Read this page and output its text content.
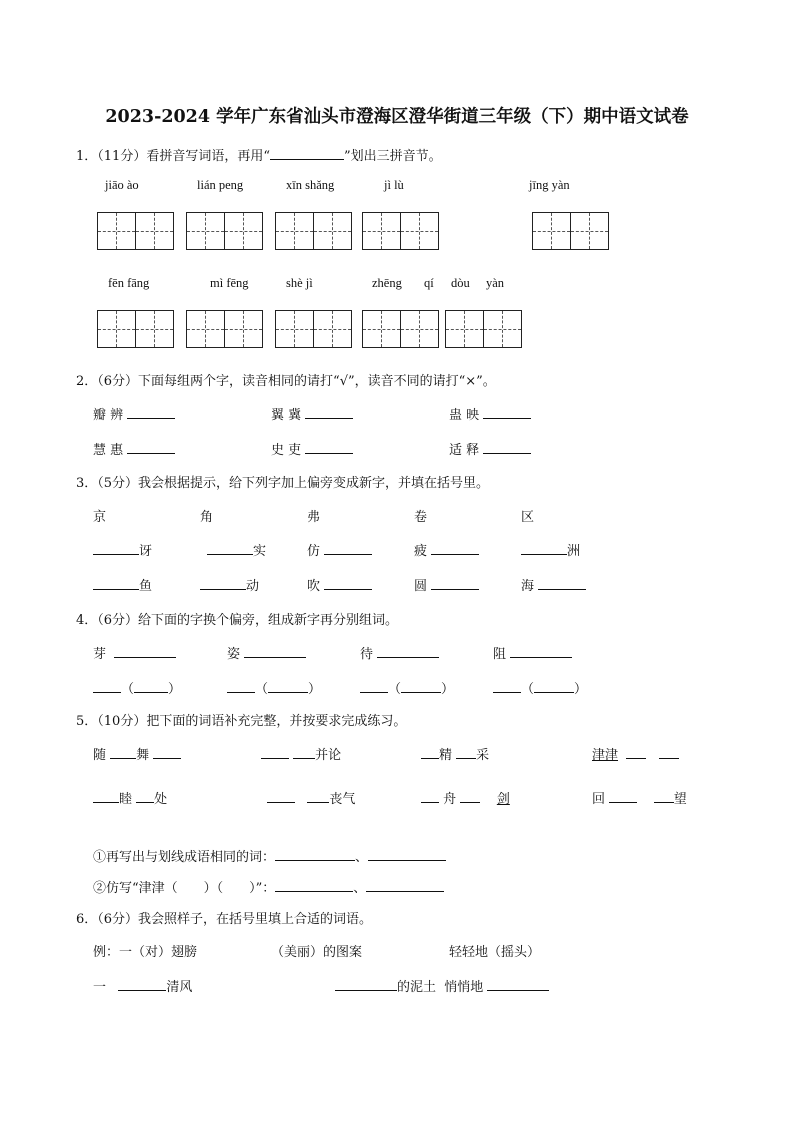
2023-2024 学年广东省汕头市澄海区澄华街道三年级（下）期中语文试卷
1．（11分）看拼音写词语，再用“	”划出三拼音节。
jiāo ào	lián peng	xīn shǎng	jì lù	jīng yàn
fēn fāng	mì fēng	shè jì	zhēng qí dòu yàn
2．（6分）下面每组两个字，读音相同的请打“√”，读音不同的请打“×”。
瓣 辨	翼 冀	蛊 映
慧 惠	史 吏	适 释
3．（5分）我会根据提示，给下列字加上偏旁变成新字，并填在括号里。
京	角	弗	卷	区
讶	实	仿	疲	洲
鱼	动	吹	圆	海
4．（6分）给下面的字换个偏旁，组成新字再分别组词。
芽	姿	待	阻
（	）	（	）	（	）	（	）
5．（10分）把下面的词语补充完整，并按要求完成练习。
随 舞	并论	精 采	津津
睦 处	丧气	舟	剑	回	望
①再写出与划线成语相同的词：	、
②仿写“津津（　　）（　　）”：	、
6．（6分）我会照样子，在括号里填上合适的词语。
例：一（对）翅膀	（美丽）的图案	轻轻地（摇头）
一	清风	的泥土 悄悄地
